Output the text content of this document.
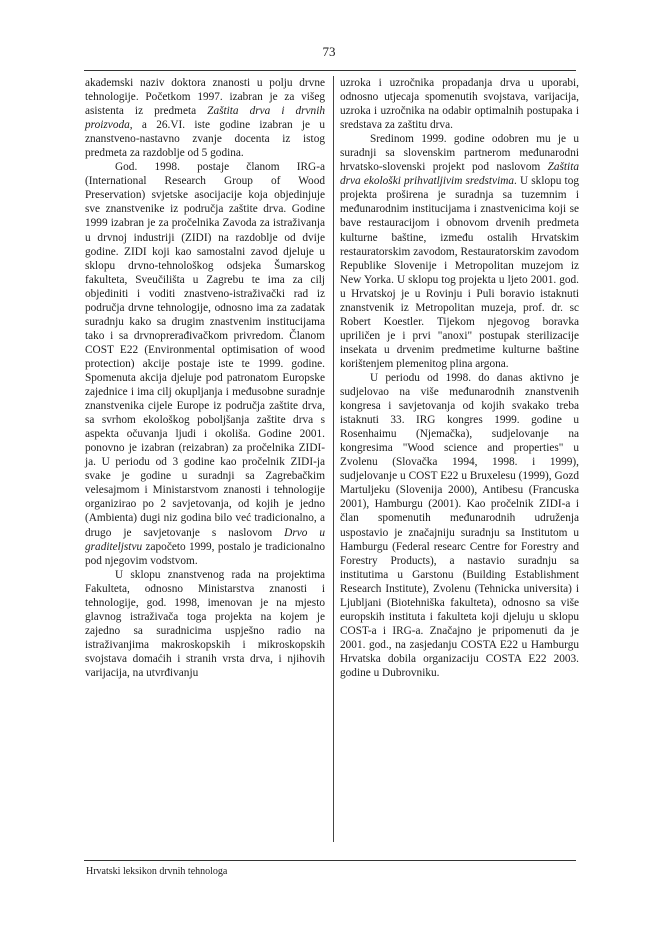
73

akademski naziv doktora znanosti u polju drvne tehnologije. Početkom 1997. izabran je za višeg asistenta iz predmeta Zaštita drva i drvnih proizvoda, a 26.VI. iste godine izabran je u znanstveno-nastavno zvanje docenta iz istog predmeta za razdoblje od 5 godina.

God. 1998. postaje članom IRG-a (International Research Group of Wood Preservation) svjetske asocijacije koja objedinjuje sve znanstvenike iz područja zaštite drva. Godine 1999 izabran je za pročelnika Zavoda za istraživanja u drvnoj industriji (ZIDI) na razdoblje od dvije godine. ZIDI koji kao samostalni zavod djeluje u sklopu drvno-tehnološkog odsjeka Šumarskog fakulteta, Sveučilišta u Zagrebu te ima za cilj objediniti i voditi znastveno-istraživački rad iz područja drvne tehnologije, odnosno ima za zadatak suradnju kako sa drugim znastvenim institucijama tako i sa drvnoprerađivačkom privredom. Članom COST E22 (Environmental optimisation of wood protection) akcije postaje iste te 1999. godine. Spomenuta akcija djeluje pod patronatom Europske zajednice i ima cilj okupljanja i međusobne suradnje znanstvenika cijele Europe iz područja zaštite drva, sa svrhom ekološkog poboljšanja zaštite drva s aspekta očuvanja ljudi i okoliša. Godine 2001. ponovno je izabran (reizabran) za pročelnika ZIDI-ja. U periodu od 3 godine kao pročelnik ZIDI-ja svake je godine u suradnji sa Zagrebačkim velesajmom i Ministarstvom znanosti i tehnologije organizirao po 2 savjetovanja, od kojih je jedno (Ambienta) dugi niz godina bilo već tradicionalno, a drugo je savjetovanje s naslovom Drvo u graditeljstvu započeto 1999, postalo je tradicionalno pod njegovim vodstvom.

U sklopu znanstvenog rada na projektima Fakulteta, odnosno Ministarstva znanosti i tehnologije, god. 1998, imenovan je na mjesto glavnog istraživača toga projekta na kojem je zajedno sa suradnicima uspješno radio na istraživanjima makroskopskih i mikroskopskih svojstava domaćih i stranih vrsta drva, i njihovih varijacija, na utvrđivanju

uzroka i uzročnika propadanja drva u uporabi, odnosno utjecaja spomenutih svojstava, varijacija, uzroka i uzročnika na odabir optimalnih postupaka i sredstava za zaštitu drva.

Sredinom 1999. godine odobren mu je u suradnji sa slovenskim partnerom međunarodni hrvatsko-slovenski projekt pod naslovom Zaštita drva ekološki prihvatljivim sredstvima. U sklopu tog projekta proširena je suradnja sa tuzemnim i međunarodnim institucijama i znastvenicima koji se bave restauracijom i obnovom drvenih predmeta kulturne baštine, između ostalih Hrvatskim restauratorskim zavodom, Restauratorskim zavodom Republike Slovenije i Metropolitan muzejom iz New Yorka. U sklopu tog projekta u ljeto 2001. god. u Hrvatskoj je u Rovinju i Puli boravio istaknuti znanstvenik iz Metropolitan muzeja, prof. dr. sc Robert Koestler. Tijekom njegovog boravka upriličen je i prvi "anoxi" postupak sterilizacije insekata u drvenim predmetime kulturne baštine korištenjem plemenitog plina argona.

U periodu od 1998. do danas aktivno je sudjelovao na više međunarodnih znanstvenih kongresa i savjetovanja od kojih svakako treba istaknuti 33. IRG kongres 1999. godine u Rosenhaimu (Njemačka), sudjelovanje na kongresima "Wood science and properties" u Zvolenu (Slovačka 1994, 1998. i 1999), sudjelovanje u COST E22 u Bruxelesu (1999), Gozd Martuljeku (Slovenija 2000), Antibesu (Francuska 2001), Hamburgu (2001). Kao pročelnik ZIDI-a i član spomenutih međunarodnih udruženja uspostavio je značajniju suradnju sa Institutom u Hamburgu (Federal researc Centre for Forestry and Forestry Products), a nastavio suradnju sa institutima u Garstonu (Building Establishment Research Institute), Zvolenu (Tehnicka universita) i Ljubljani (Biotehniška fakulteta), odnosno sa više europskih instituta i fakulteta koji djeluju u sklopu COST-a i IRG-a. Značajno je pripomenuti da je 2001. god., na zasjedanju COSTA E22 u Hamburgu Hrvatska dobila organizaciju COSTA E22 2003. godine u Dubrovniku.

Hrvatski leksikon drvnih tehnologa
